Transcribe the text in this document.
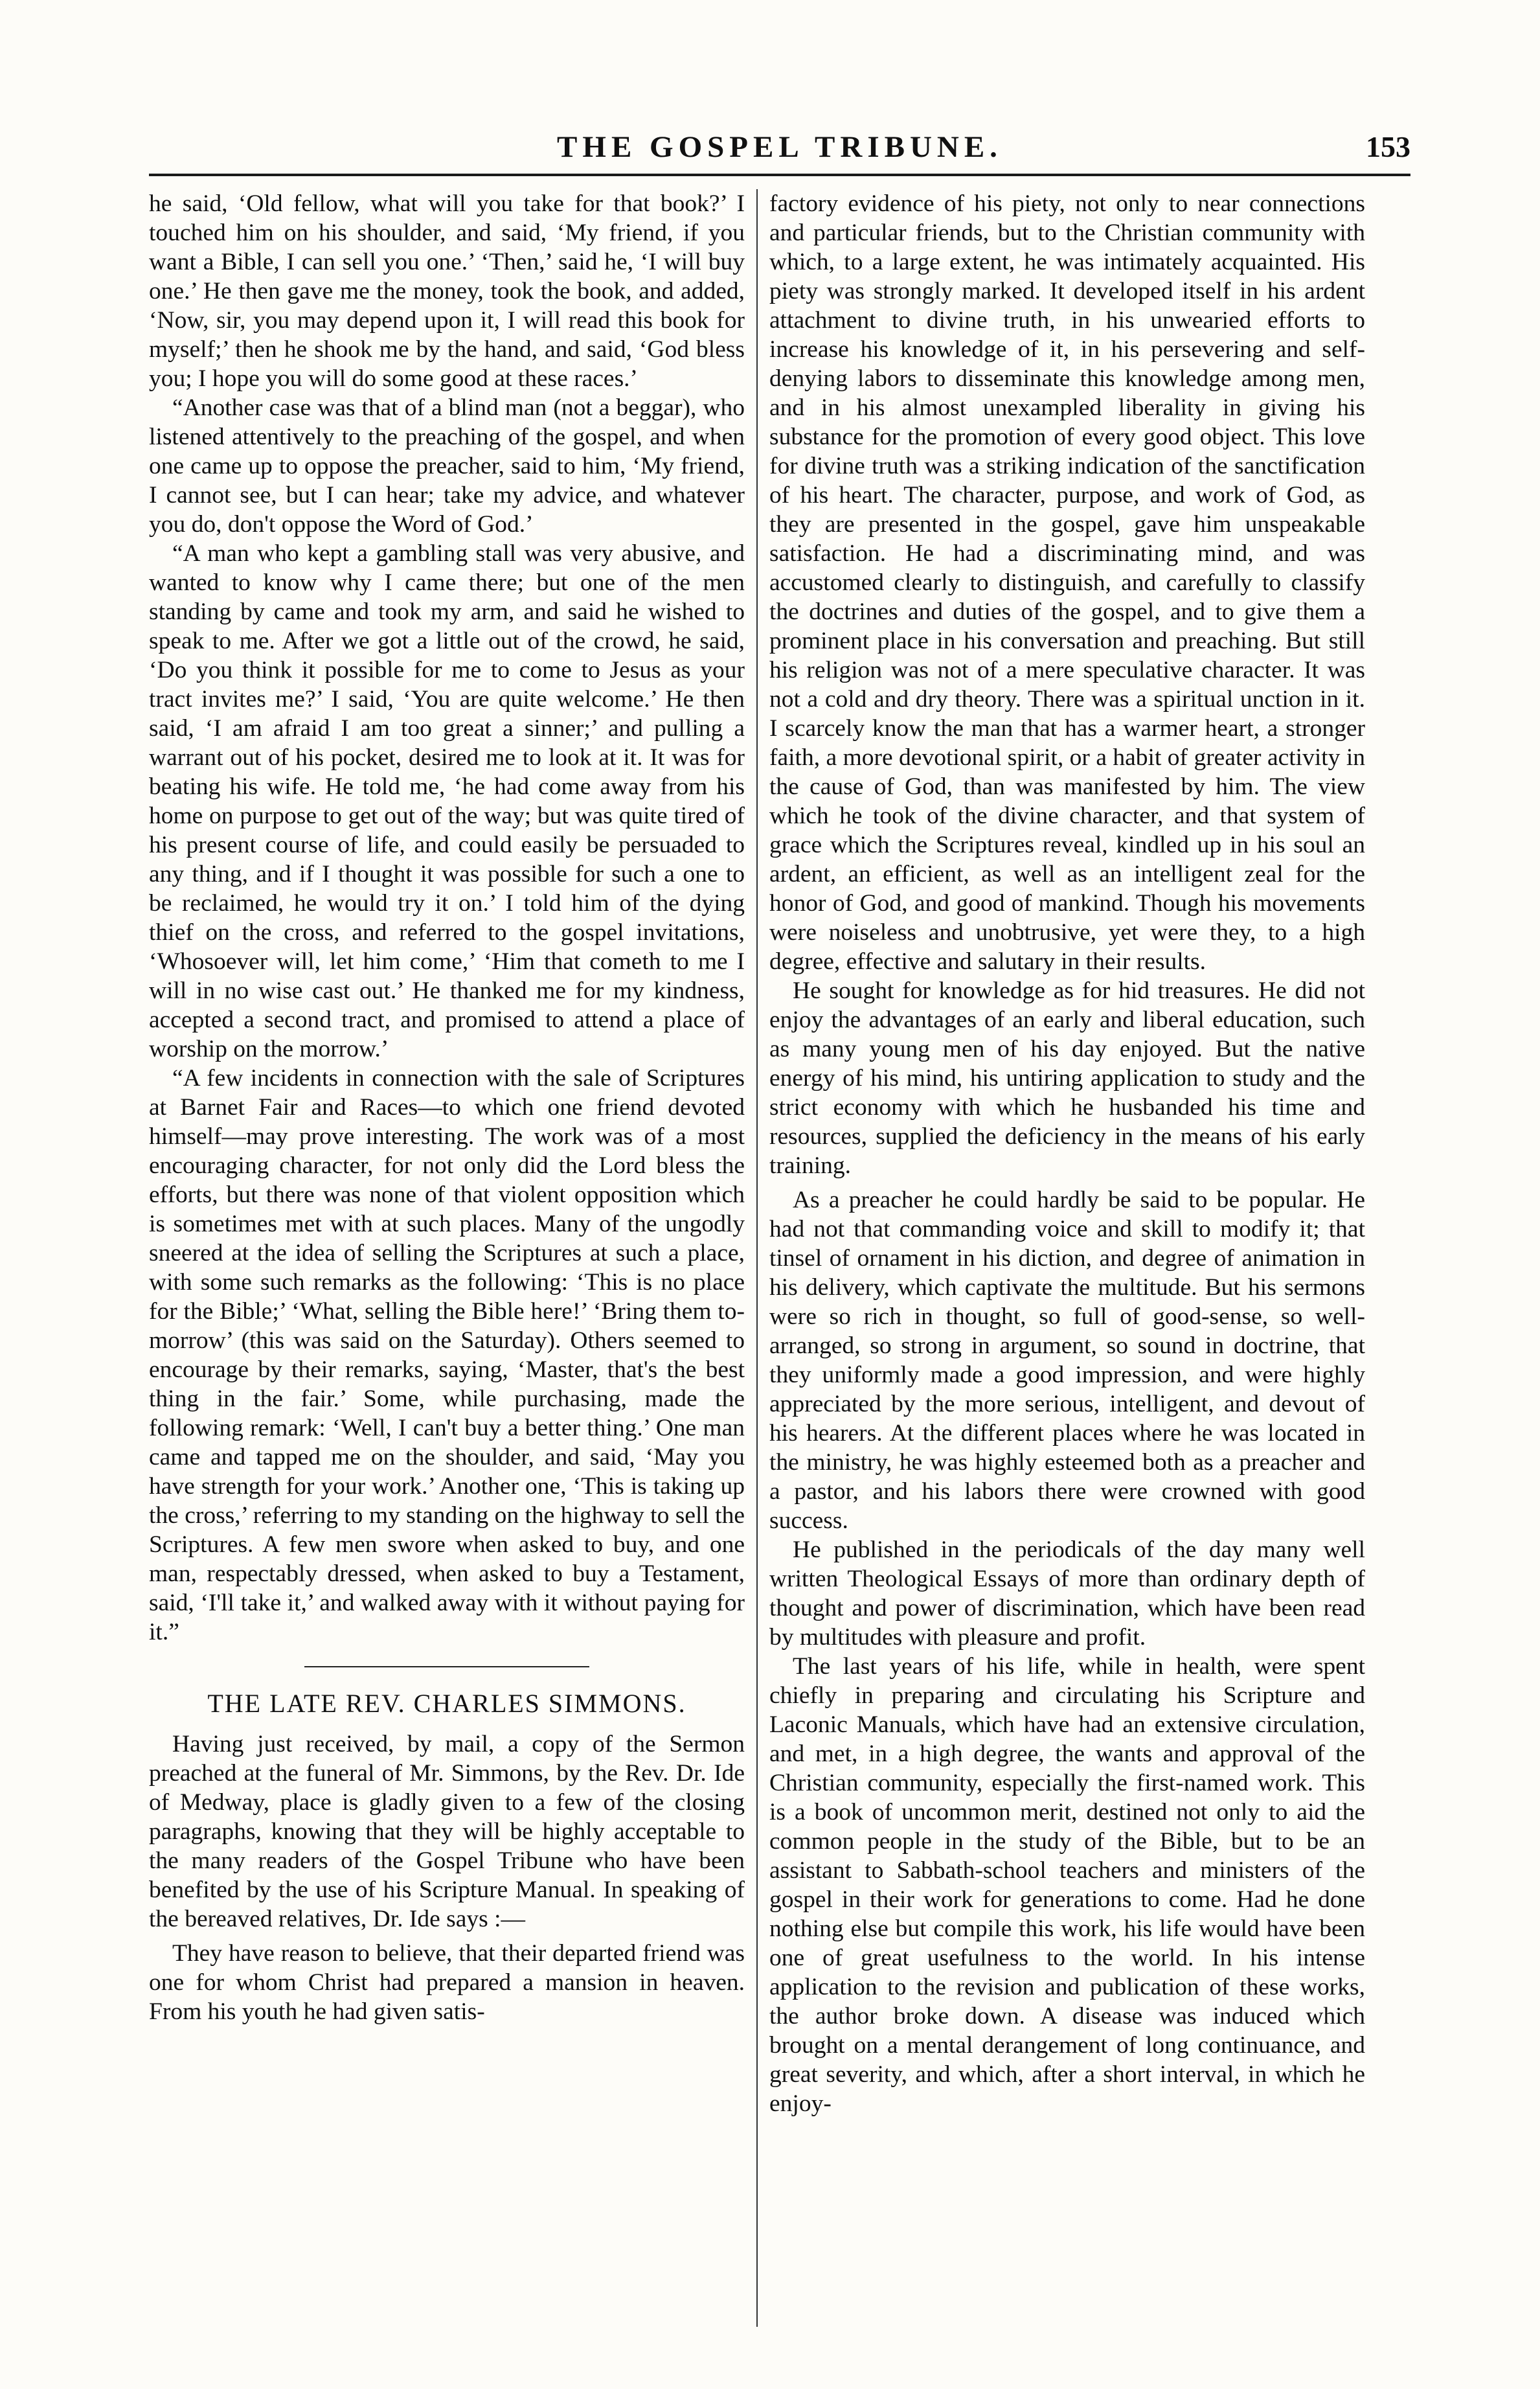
THE GOSPEL TRIBUNE.	153

he said, ‘Old fellow, what will you take for that book?’ I touched him on his shoulder, and said, ‘My friend, if you want a Bible, I can sell you one.’ ‘Then,’ said he, ‘I will buy one.’ He then gave me the money, took the book, and added, ‘Now, sir, you may depend upon it, I will read this book for myself;’ then he shook me by the hand, and said, ‘God bless you; I hope you will do some good at these races.’

“Another case was that of a blind man (not a beggar), who listened attentively to the preaching of the gospel, and when one came up to oppose the preacher, said to him, ‘My friend, I cannot see, but I can hear; take my advice, and whatever you do, don't oppose the Word of God.’

“A man who kept a gambling stall was very abusive, and wanted to know why I came there; but one of the men standing by came and took my arm, and said he wished to speak to me. After we got a little out of the crowd, he said, ‘Do you think it possible for me to come to Jesus as your tract invites me?’ I said, ‘You are quite welcome.’ He then said, ‘I am afraid I am too great a sinner;’ and pulling a warrant out of his pocket, desired me to look at it. It was for beating his wife. He told me, ‘he had come away from his home on purpose to get out of the way; but was quite tired of his present course of life, and could easily be persuaded to any thing, and if I thought it was possible for such a one to be reclaimed, he would try it on.’ I told him of the dying thief on the cross, and referred to the gospel invitations, ‘Whosoever will, let him come,’ ‘Him that cometh to me I will in no wise cast out.’ He thanked me for my kindness, accepted a second tract, and promised to attend a place of worship on the morrow.’

“A few incidents in connection with the sale of Scriptures at Barnet Fair and Races—to which one friend devoted himself—may prove interesting. The work was of a most encouraging character, for not only did the Lord bless the efforts, but there was none of that violent opposition which is sometimes met with at such places. Many of the ungodly sneered at the idea of selling the Scriptures at such a place, with some such remarks as the following: ‘This is no place for the Bible;’ ‘What, selling the Bible here!’ ‘Bring them to-morrow’ (this was said on the Saturday). Others seemed to encourage by their remarks, saying, ‘Master, that's the best thing in the fair.’ Some, while purchasing, made the following remark: ‘Well, I can't buy a better thing.’ One man came and tapped me on the shoulder, and said, ‘May you have strength for your work.’ Another one, ‘This is taking up the cross,’ referring to my standing on the highway to sell the Scriptures. A few men swore when asked to buy, and one man, respectably dressed, when asked to buy a Testament, said, ‘I'll take it,’ and walked away with it without paying for it.”

THE LATE REV. CHARLES SIMMONS.

Having just received, by mail, a copy of the Sermon preached at the funeral of Mr. Simmons, by the Rev. Dr. Ide of Medway, place is gladly given to a few of the closing paragraphs, knowing that they will be highly acceptable to the many readers of the Gospel Tribune who have been benefited by the use of his Scripture Manual. In speaking of the bereaved relatives, Dr. Ide says :—

They have reason to believe, that their departed friend was one for whom Christ had prepared a mansion in heaven. From his youth he had given satis-

factory evidence of his piety, not only to near connections and particular friends, but to the Christian community with which, to a large extent, he was intimately acquainted. His piety was strongly marked. It developed itself in his ardent attachment to divine truth, in his unwearied efforts to increase his knowledge of it, in his persevering and self-denying labors to disseminate this knowledge among men, and in his almost unexampled liberality in giving his substance for the promotion of every good object. This love for divine truth was a striking indication of the sanctification of his heart. The character, purpose, and work of God, as they are presented in the gospel, gave him unspeakable satisfaction. He had a discriminating mind, and was accustomed clearly to distinguish, and carefully to classify the doctrines and duties of the gospel, and to give them a prominent place in his conversation and preaching. But still his religion was not of a mere speculative character. It was not a cold and dry theory. There was a spiritual unction in it. I scarcely know the man that has a warmer heart, a stronger faith, a more devotional spirit, or a habit of greater activity in the cause of God, than was manifested by him. The view which he took of the divine character, and that system of grace which the Scriptures reveal, kindled up in his soul an ardent, an efficient, as well as an intelligent zeal for the honor of God, and good of mankind. Though his movements were noiseless and unobtrusive, yet were they, to a high degree, effective and salutary in their results.

He sought for knowledge as for hid treasures. He did not enjoy the advantages of an early and liberal education, such as many young men of his day enjoyed. But the native energy of his mind, his untiring application to study and the strict economy with which he husbanded his time and resources, supplied the deficiency in the means of his early training.

As a preacher he could hardly be said to be popular. He had not that commanding voice and skill to modify it; that tinsel of ornament in his diction, and degree of animation in his delivery, which captivate the multitude. But his sermons were so rich in thought, so full of good-sense, so well-arranged, so strong in argument, so sound in doctrine, that they uniformly made a good impression, and were highly appreciated by the more serious, intelligent, and devout of his hearers. At the different places where he was located in the ministry, he was highly esteemed both as a preacher and a pastor, and his labors there were crowned with good success.

He published in the periodicals of the day many well written Theological Essays of more than ordinary depth of thought and power of discrimination, which have been read by multitudes with pleasure and profit.

The last years of his life, while in health, were spent chiefly in preparing and circulating his Scripture and Laconic Manuals, which have had an extensive circulation, and met, in a high degree, the wants and approval of the Christian community, especially the first-named work. This is a book of uncommon merit, destined not only to aid the common people in the study of the Bible, but to be an assistant to Sabbath-school teachers and ministers of the gospel in their work for generations to come. Had he done nothing else but compile this work, his life would have been one of great usefulness to the world. In his intense application to the revision and publication of these works, the author broke down. A disease was induced which brought on a mental derangement of long continuance, and great severity, and which, after a short interval, in which he enjoy-
